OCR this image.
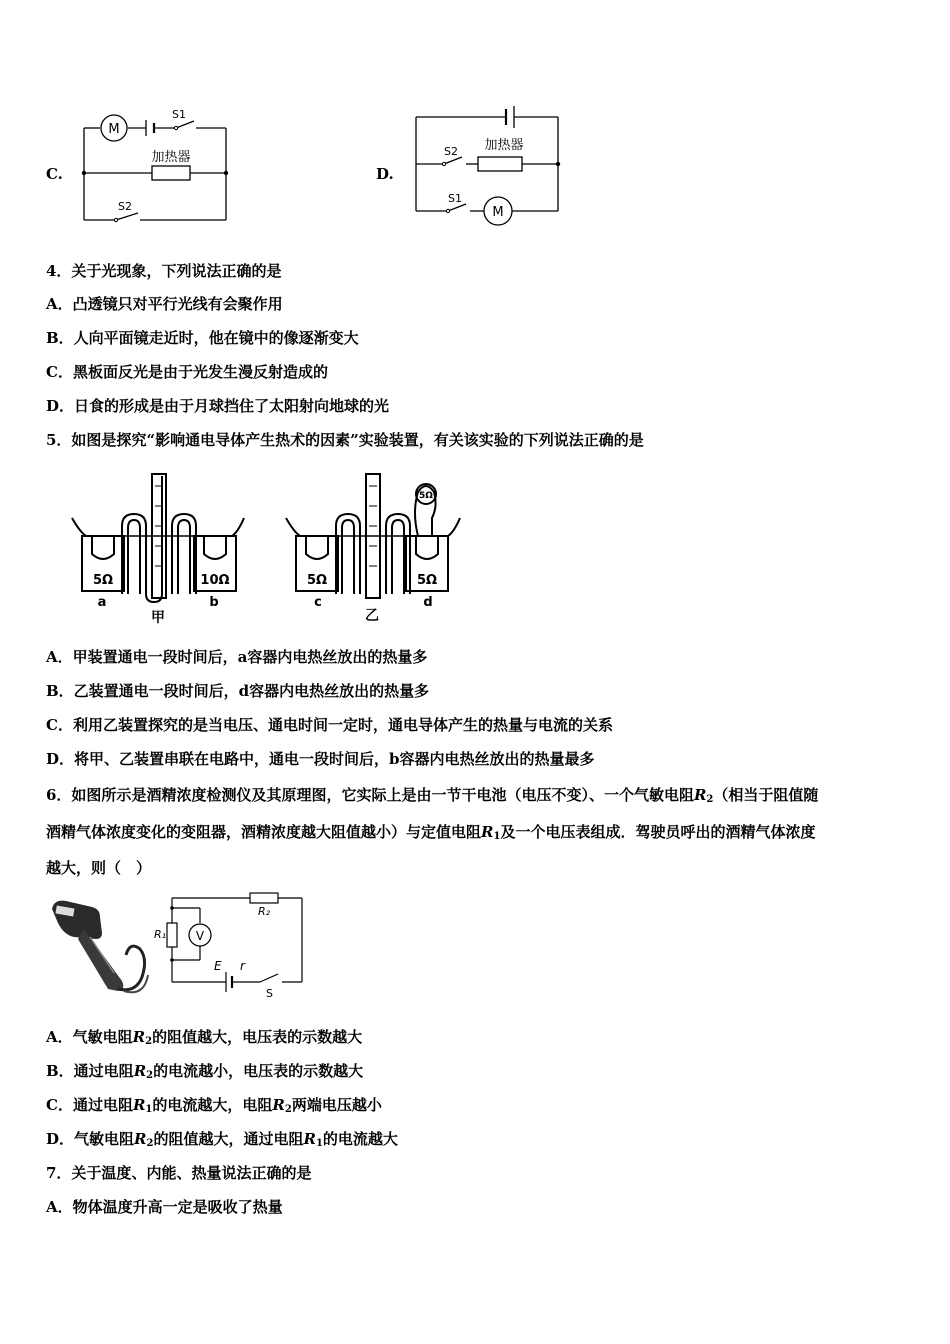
C.
M
S1
S2
加热器
D.
M
S2
S1
加热器
4．关于光现象，下列说法正确的是
A．凸透镜只对平行光线有会聚作用
B．人向平面镜走近时，他在镜中的像逐渐变大
C．黑板面反光是由于光发生漫反射造成的
D．日食的形成是由于月球挡住了太阳射向地球的光
5．如图是探究“影响通电导体产生热术的因素”实验装置，有关该实验的下列说法正确的是
5Ω	10Ω
a	b
甲
5Ω	5Ω
5Ω
c	d
乙
A．甲装置通电一段时间后，a容器内电热丝放出的热量多
B．乙装置通电一段时间后，d容器内电热丝放出的热量多
C．利用乙装置探究的是当电压、通电时间一定时，通电导体产生的热量与电流的关系
D．将甲、乙装置串联在电路中，通电一段时间后，b容器内电热丝放出的热量最多
6．如图所示是酒精浓度检测仪及其原理图，它实际上是由一节干电池（电压不变）、一个气敏电阻$R_2$（相当于阻值随
酒精气体浓度变化的变阻器，酒精浓度越大阻值越小）与定值电阻$R_1$及一个电压表组成．驾驶员呼出的酒精气体浓度
越大，则（　）
R₁
R₂
V
E r
S
A．气敏电阻$R_2$的阻值越大，电压表的示数越大
B．通过电阻$R_2$的电流越小，电压表的示数越大
C．通过电阻$R_1$的电流越大，电阻$R_2$两端电压越小
D．气敏电阻$R_2$的阻值越大，通过电阻$R_1$的电流越大
7．关于温度、内能、热量说法正确的是
A．物体温度升高一定是吸收了热量
